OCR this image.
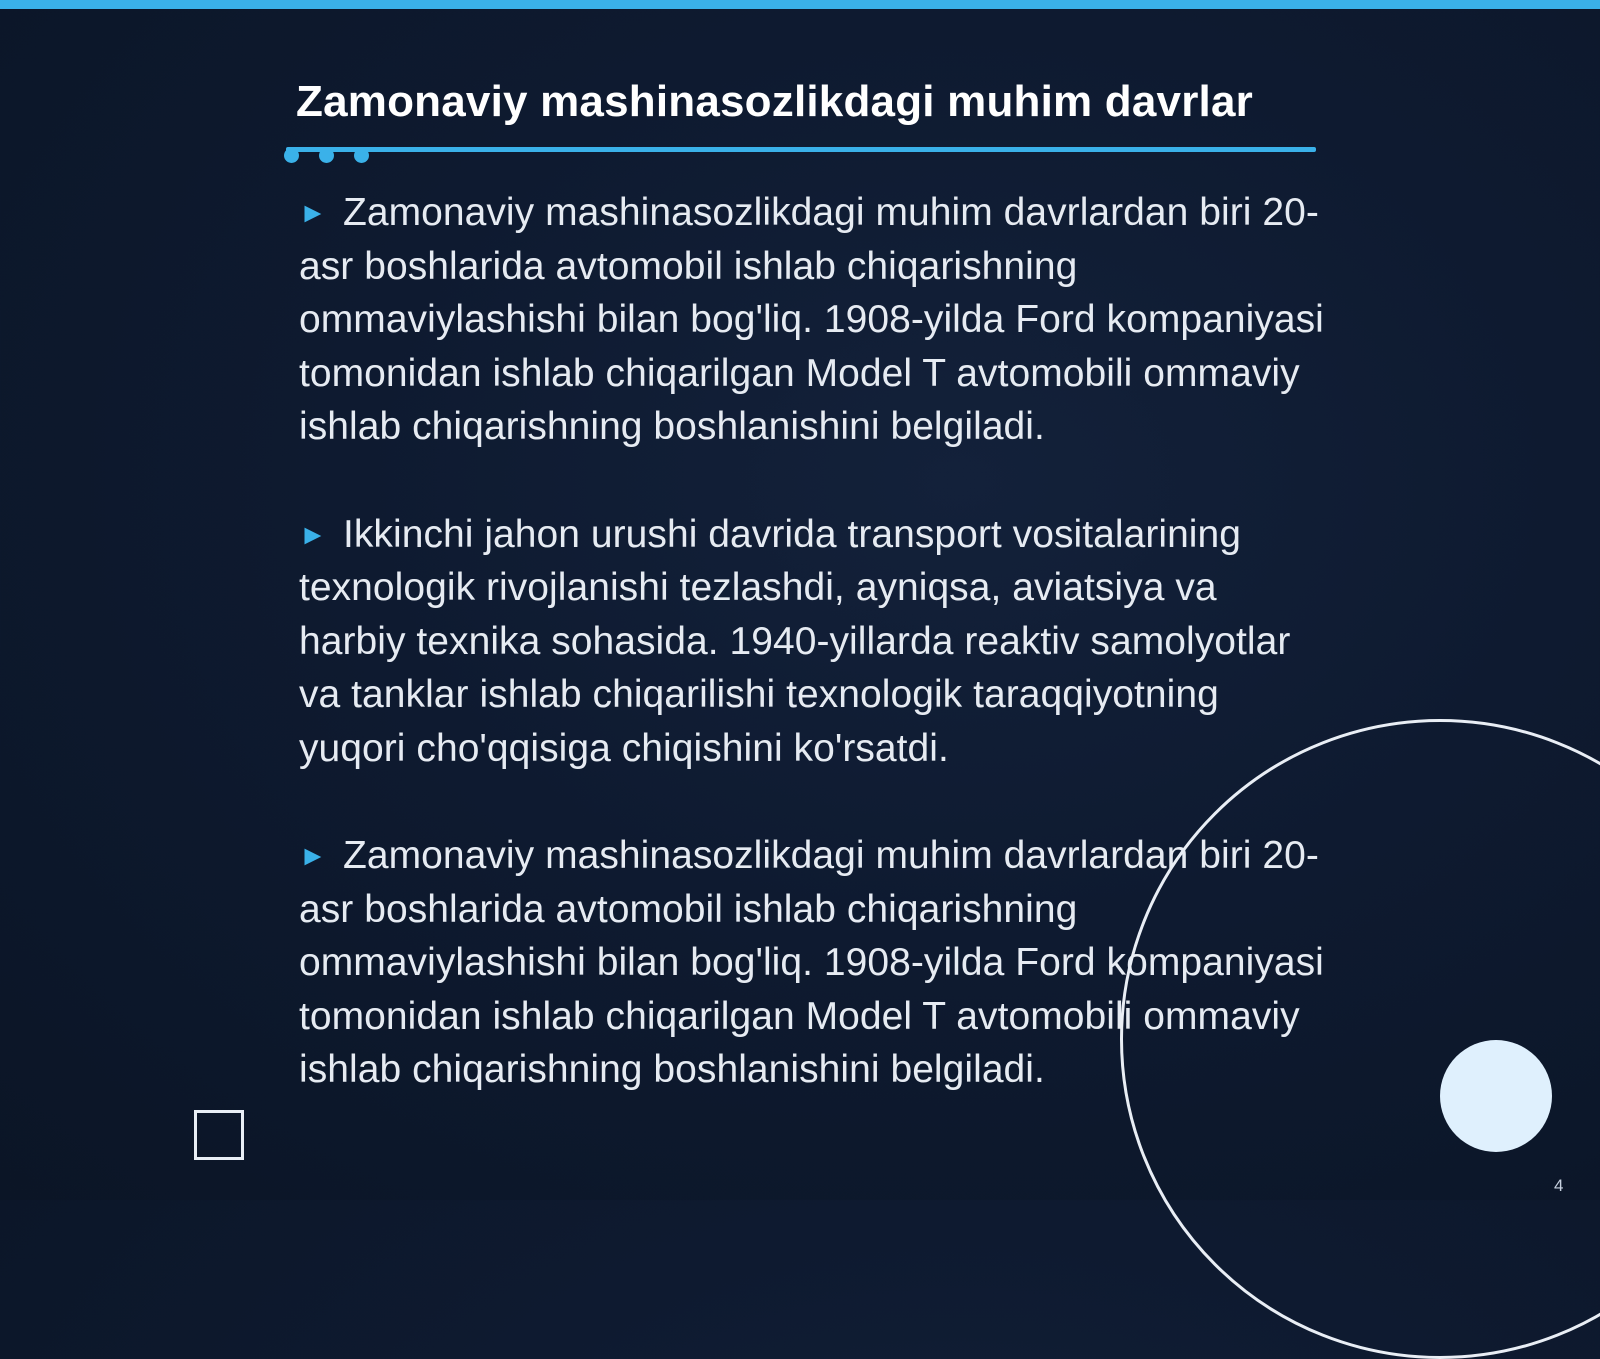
Zamonaviy mashinasozlikdagi muhim davrlar

► Zamonaviy mashinasozlikdagi muhim davrlardan biri 20-asr boshlarida avtomobil ishlab chiqarishning ommaviylashishi bilan bog'liq. 1908-yilda Ford kompaniyasi tomonidan ishlab chiqarilgan Model T avtomobili ommaviy ishlab chiqarishning boshlanishini belgiladi.

► Ikkinchi jahon urushi davrida transport vositalarining texnologik rivojlanishi tezlashdi, ayniqsa, aviatsiya va harbiy texnika sohasida. 1940-yillarda reaktiv samolyotlar va tanklar ishlab chiqarilishi texnologik taraqqiyotning yuqori cho'qqisiga chiqishini ko'rsatdi.

► Zamonaviy mashinasozlikdagi muhim davrlardan biri 20-asr boshlarida avtomobil ishlab chiqarishning ommaviylashishi bilan bog'liq. 1908-yilda Ford kompaniyasi tomonidan ishlab chiqarilgan Model T avtomobili ommaviy ishlab chiqarishning boshlanishini belgiladi.

4
